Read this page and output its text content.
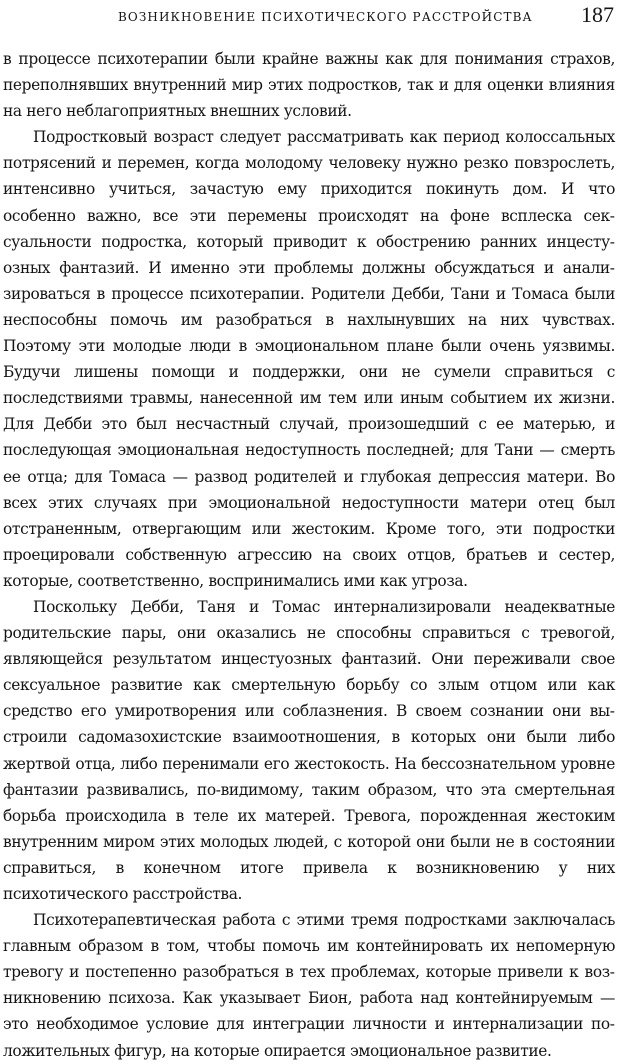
ВОЗНИКНОВЕНИЕ ПСИХОТИЧЕСКОГО РАССТРОЙСТВА 187

в процессе психотерапии были крайне важны как для понимания страхов, переполнявших внутренний мир этих подростков, так и для оценки влияния на него неблагоприятных внешних условий.

Подростковый возраст следует рассматривать как период колоссальных потрясений и перемен, когда молодому человеку нужно резко повзрослеть, интенсивно учиться, зачастую ему приходится покинуть дом. И что особенно важно, все эти перемены происходят на фоне всплеска сексуальности подростка, который приводит к обострению ранних инцестуозных фантазий. И именно эти проблемы должны обсуждаться и анализироваться в процессе психотерапии. Родители Дебби, Тани и Томаса были неспособны помочь им разобраться в нахлынувших на них чувствах. Поэтому эти молодые люди в эмоциональном плане были очень уязвимы. Будучи лишены помощи и поддержки, они не сумели справиться с последствиями травмы, нанесенной им тем или иным событием их жизни. Для Дебби это был несчастный случай, произошедший с ее матерью, и последующая эмоциональная недоступность последней; для Тани — смерть ее отца; для Томаса — развод родителей и глубокая депрессия матери. Во всех этих случаях при эмоциональной недоступности матери отец был отстраненным, отвергающим или жестоким. Кроме того, эти подростки проецировали собственную агрессию на своих отцов, братьев и сестер, которые, соответственно, воспринимались ими как угроза.

Поскольку Дебби, Таня и Томас интернализировали неадекватные родительские пары, они оказались не способны справиться с тревогой, являющейся результатом инцестуозных фантазий. Они переживали свое сексуальное развитие как смертельную борьбу со злым отцом или как средство его умиротворения или соблазнения. В своем сознании они выстроили садомазохистские взаимоотношения, в которых они были либо жертвой отца, либо перенимали его жестокость. На бессознательном уровне фантазии развивались, по-видимому, таким образом, что эта смертельная борьба происходила в теле их матерей. Тревога, порожденная жестоким внутренним миром этих молодых людей, с которой они были не в состоянии справиться, в конечном итоге привела к возникновению у них психотического расстройства.

Психотерапевтическая работа с этими тремя подростками заключалась главным образом в том, чтобы помочь им контейнировать их непомерную тревогу и постепенно разобраться в тех проблемах, которые привели к возникновению психоза. Как указывает Бион, работа над контейнируемым — это необходимое условие для интеграции личности и интернализации положительных фигур, на которые опирается эмоциональное развитие.
